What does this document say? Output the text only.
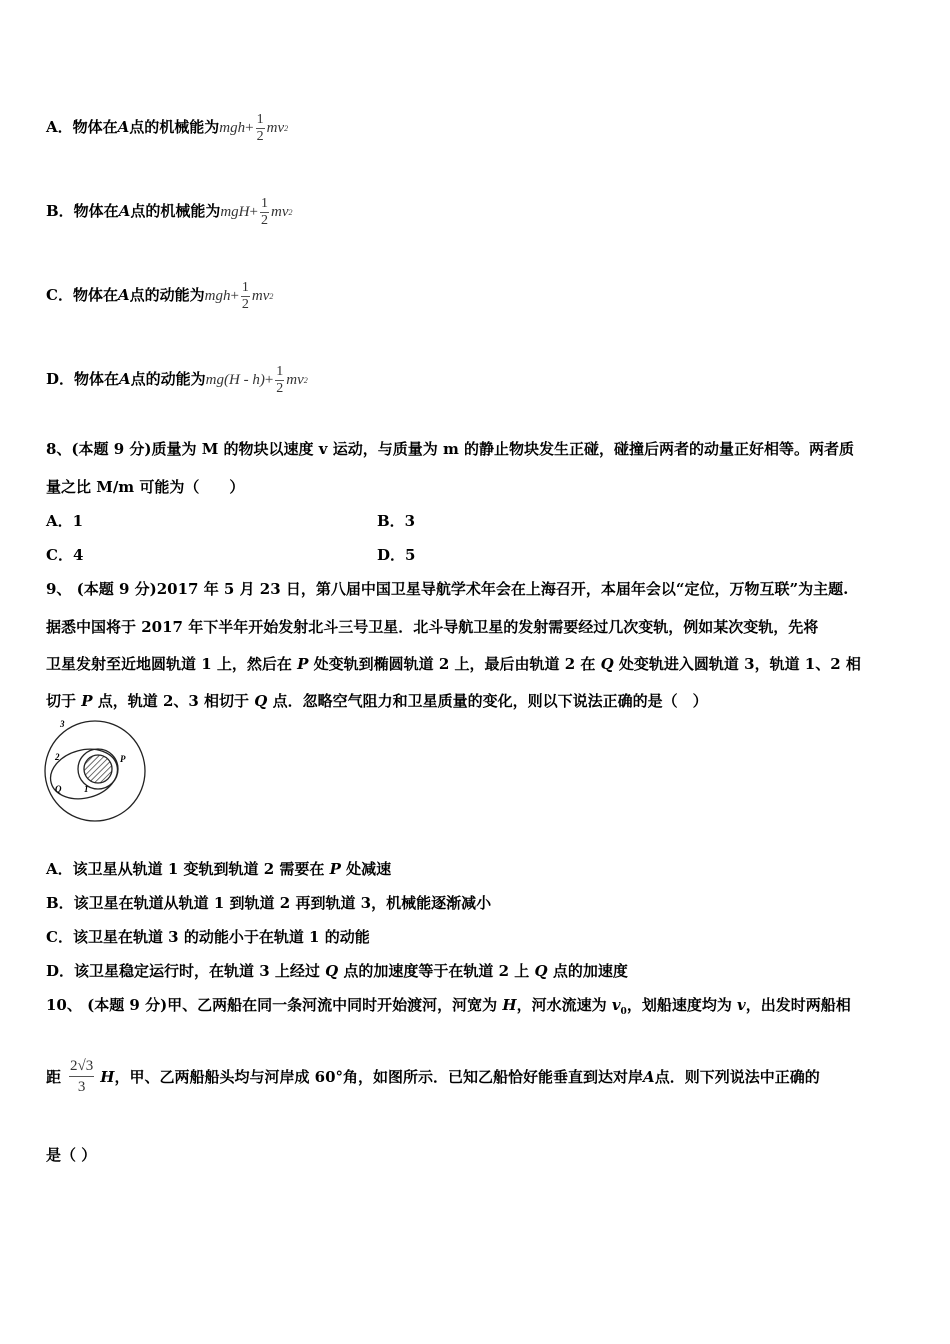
A．物体在A点的机械能为 mgh + $\frac{1}{2}$ mv 2
B．物体在A点的机械能为 mgH + $\frac{1}{2}$ mv 2
C．物体在A点的动能为 mgh + $\frac{1}{2}$ mv 2
D．物体在A点的动能为 $mg(H - h) + \frac{1}{2}$ mv 2
8、(本题 9 分)质量为 M 的物块以速度 v 运动，与质量为 m 的静止物块发生正碰，碰撞后两者的动量正好相等。两者质
量之比 M/m 可能为（　　）
A．1	B．3
C．4	D．5
9、 (本题 9 分)2017 年 5 月 23 日，第八届中国卫星导航学术年会在上海召开，本届年会以“定位，万物互联”为主题.
据悉中国将于 2017 年下半年开始发射北斗三号卫星．北斗导航卫星的发射需要经过几次变轨，例如某次变轨，先将
卫星发射至近地圆轨道 1 上，然后在 P 处变轨到椭圆轨道 2 上，最后由轨道 2 在 Q 处变轨进入圆轨道 3，轨道 1、2 相
切于 P 点，轨道 2、3 相切于 Q 点．忽略空气阻力和卫星质量的变化，则以下说法正确的是（　）
3
2	P
Q	1
A．该卫星从轨道 1 变轨到轨道 2 需要在 P 处减速
B．该卫星在轨道从轨道 1 到轨道 2 再到轨道 3，机械能逐渐减小
C．该卫星在轨道 3 的动能小于在轨道 1 的动能
D．该卫星稳定运行时，在轨道 3 上经过 Q 点的加速度等于在轨道 2 上 Q 点的加速度
10、 (本题 9 分)甲、乙两船在同一条河流中同时开始渡河，河宽为 H，河水流速为 $v_0$，划船速度均为 v，出发时两船相
距 $\frac{2√3}{3}$ H ，甲、乙两船船头均与河岸成 60°角，如图所示．已知乙船恰好能垂直到达对岸 A 点．则下列说法中正确的
是（ ）
